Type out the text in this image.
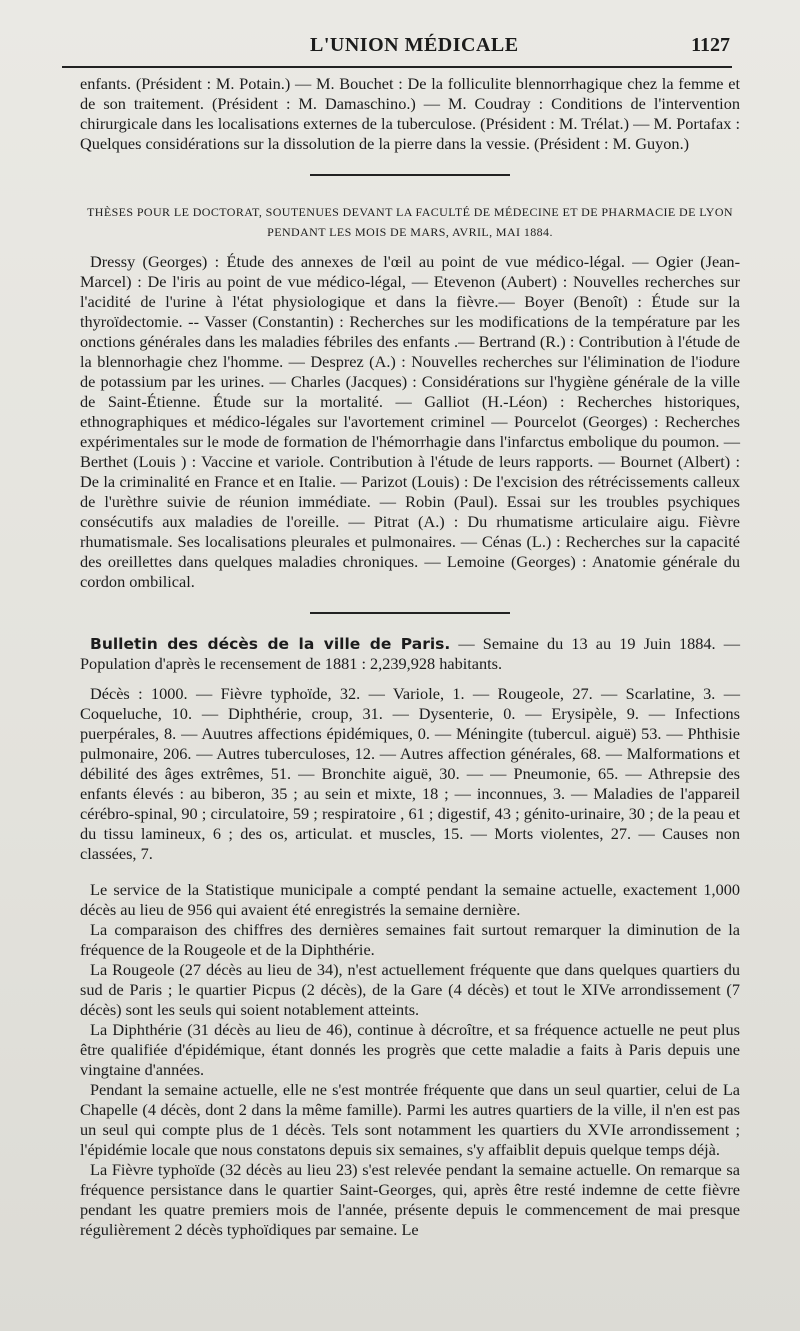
L'UNION MÉDICALE	1127

enfants. (Président : M. Potain.) — M. Bouchet : De la folliculite blennorrhagique chez la femme et de son traitement. (Président : M. Damaschino.) — M. Coudray : Conditions de l'intervention chirurgicale dans les localisations externes de la tuberculose. (Président : M. Trélat.) — M. Portafax : Quelques considérations sur la dissolution de la pierre dans la vessie. (Président : M. Guyon.)

THÈSES POUR LE DOCTORAT, SOUTENUES DEVANT LA FACULTÉ DE MÉDECINE ET DE PHARMACIE DE LYON

PENDANT LES MOIS DE MARS, AVRIL, MAI 1884.

Dressy (Georges) : Étude des annexes de l'œil au point de vue médico-légal. — Ogier (Jean-Marcel) : De l'iris au point de vue médico-légal, — Etevenon (Aubert) : Nouvelles recherches sur l'acidité de l'urine à l'état physiologique et dans la fièvre.— Boyer (Benoît) : Étude sur la thyroïdectomie. -- Vasser (Constantin) : Recherches sur les modifications de la température par les onctions générales dans les maladies fébriles des enfants .— Bertrand (R.) : Contribution à l'étude de la blennorhagie chez l'homme. — Desprez (A.) : Nouvelles recherches sur l'élimination de l'iodure de potassium par les urines. — Charles (Jacques) : Considérations sur l'hygiène générale de la ville de Saint-Étienne. Étude sur la mortalité. — Galliot (H.-Léon) : Recherches historiques, ethnographiques et médico-légales sur l'avortement criminel — Pourcelot (Georges) : Recherches expérimentales sur le mode de formation de l'hémorrhagie dans l'infarctus embolique du poumon. — Berthet (Louis ) : Vaccine et variole. Contribution à l'étude de leurs rapports. — Bournet (Albert) : De la criminalité en France et en Italie. — Parizot (Louis) : De l'excision des rétrécissements calleux de l'urèthre suivie de réunion immédiate. — Robin (Paul). Essai sur les troubles psychiques consécutifs aux maladies de l'oreille. — Pitrat (A.) : Du rhumatisme articulaire aigu. Fièvre rhumatismale. Ses localisations pleurales et pulmonaires. — Cénas (L.) : Recherches sur la capacité des oreillettes dans quelques maladies chroniques. — Lemoine (Georges) : Anatomie générale du cordon ombilical.

Bulletin des décès de la ville de Paris. — Semaine du 13 au 19 Juin 1884. — Population d'après le recensement de 1881 : 2,239,928 habitants.

Décès : 1000. — Fièvre typhoïde, 32. — Variole, 1. — Rougeole, 27. — Scarlatine, 3. — Coqueluche, 10. — Diphthérie, croup, 31. — Dysenterie, 0. — Erysipèle, 9. — Infections puerpérales, 8. — Auutres affections épidémiques, 0. — Méningite (tubercul. aiguë) 53. — Phthisie pulmonaire, 206. — Autres tuberculoses, 12. — Autres affection générales, 68. — Malformations et débilité des âges extrêmes, 51. — Bronchite aiguë, 30. — — Pneumonie, 65. — Athrepsie des enfants élevés : au biberon, 35 ; au sein et mixte, 18 ; — inconnues, 3. — Maladies de l'appareil cérébro-spinal, 90 ; circulatoire, 59 ; respiratoire , 61 ; digestif, 43 ; génito-urinaire, 30 ; de la peau et du tissu lamineux, 6 ; des os, articulat. et muscles, 15. — Morts violentes, 27. — Causes non classées, 7.

Le service de la Statistique municipale a compté pendant la semaine actuelle, exactement 1,000 décès au lieu de 956 qui avaient été enregistrés la semaine dernière.

La comparaison des chiffres des dernières semaines fait surtout remarquer la diminution de la fréquence de la Rougeole et de la Diphthérie.

La Rougeole (27 décès au lieu de 34), n'est actuellement fréquente que dans quelques quartiers du sud de Paris ; le quartier Picpus (2 décès), de la Gare (4 décès) et tout le XIVe arrondissement (7 décès) sont les seuls qui soient notablement atteints.

La Diphthérie (31 décès au lieu de 46), continue à décroître, et sa fréquence actuelle ne peut plus être qualifiée d'épidémique, étant donnés les progrès que cette maladie a faits à Paris depuis une vingtaine d'années.

Pendant la semaine actuelle, elle ne s'est montrée fréquente que dans un seul quartier, celui de La Chapelle (4 décès, dont 2 dans la même famille). Parmi les autres quartiers de la ville, il n'en est pas un seul qui compte plus de 1 décès. Tels sont notamment les quartiers du XVIe arrondissement ; l'épidémie locale que nous constatons depuis six semaines, s'y affaiblit depuis quelque temps déjà.

La Fièvre typhoïde (32 décès au lieu 23) s'est relevée pendant la semaine actuelle. On remarque sa fréquence persistance dans le quartier Saint-Georges, qui, après être resté indemne de cette fièvre pendant les quatre premiers mois de l'année, présente depuis le commencement de mai presque régulièrement 2 décès typhoïdiques par semaine. Le
